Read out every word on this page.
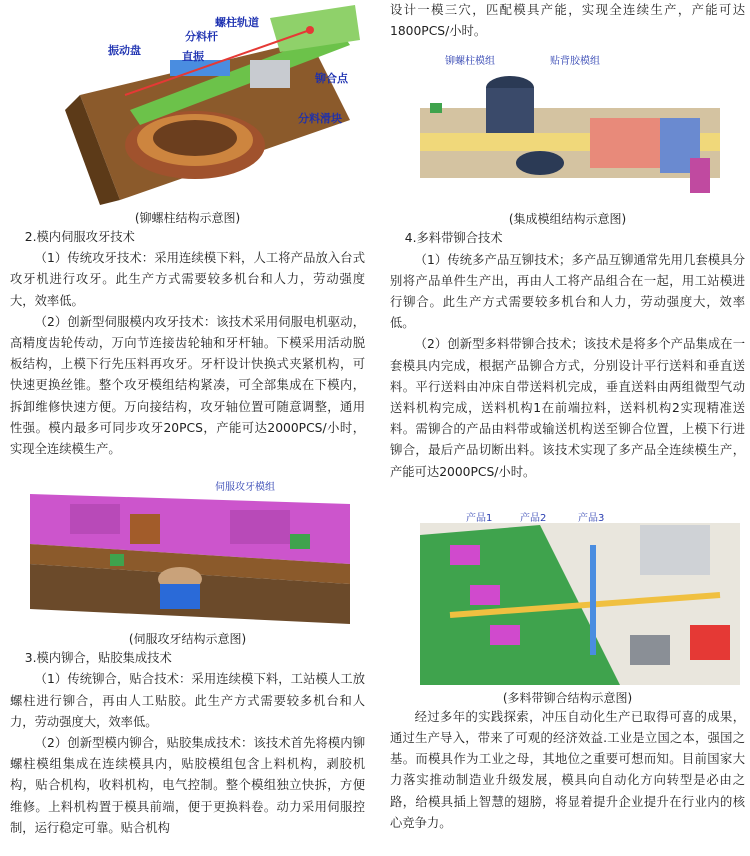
振动盘
分料杆
螺柱轨道
直振
铆合点
分料滑块
(铆螺柱结构示意图)
2.模内伺服攻牙技术

（1）传统攻牙技术：采用连续模下料，人工将产品放入台式攻牙机进行攻牙。此生产方式需要较多机台和人力，劳动强度大，效率低。

（2）创新型伺服模内攻牙技术：该技术采用伺服电机驱动，高精度齿轮传动，万向节连接齿轮轴和牙杆轴。下模采用活动脱板结构，上模下行先压料再攻牙。牙杆设计快换式夹紧机构，可快速更换丝锥。整个攻牙模组结构紧凑，可全部集成在下模内，拆卸维修快速方便。万向接结构，攻牙轴位置可随意调整，通用性强。模内最多可同步攻牙20PCS，产能可达2000PCS/小时，实现全连续模生产。

伺服攻牙模组
(伺服攻牙结构示意图)
3.模内铆合，贴胶集成技术

（1）传统铆合，贴合技术：采用连续模下料，工站模人工放螺柱进行铆合，再由人工贴胶。此生产方式需要较多机台和人力，劳动强度大，效率低。

（2）创新型模内铆合，贴胶集成技术：该技术首先将模内铆螺柱模组集成在连续模具内，贴胶模组包含上料机构，剥胶机构，贴合机构，收料机构，电气控制。整个模组独立快拆，方便维修。上料机构置于模具前端，便于更换料卷。动力采用伺服控制，运行稳定可靠。贴合机构

设计一模三穴，匹配模具产能，实现全连续生产，产能可达1800PCS/小时。

铆螺柱模组	贴背胶模组
(集成模组结构示意图)
4.多料带铆合技术

（1）传统多产品互铆技术；多产品互铆通常先用几套模具分别将产品单件生产出，再由人工将产品组合在一起，用工站模进行铆合。此生产方式需要较多机台和人力，劳动强度大，效率低。

（2）创新型多料带铆合技术；该技术是将多个产品集成在一套模具内完成，根据产品铆合方式，分别设计平行送料和垂直送料。平行送料由冲床自带送料机完成，垂直送料由两组微型气动送料机构完成，送料机构1在前端拉料，送料机构2实现精准送料。需铆合的产品由料带或输送机构送至铆合位置，上模下行进铆合，最后产品切断出料。该技术实现了多产品全连续模生产，产能可达2000PCS/小时。

产品1	产品2	产品3
(多料带铆合结构示意图)

经过多年的实践探索，冲压自动化生产已取得可喜的成果，通过生产导入，带来了可观的经济效益.工业是立国之本，强国之基。而模具作为工业之母，其地位之重要可想而知。目前国家大力落实推动制造业升级发展，模具向自动化方向转型是必由之路，给模具插上智慧的翅膀，将显着提升企业提升在行业内的核心竞争力。
